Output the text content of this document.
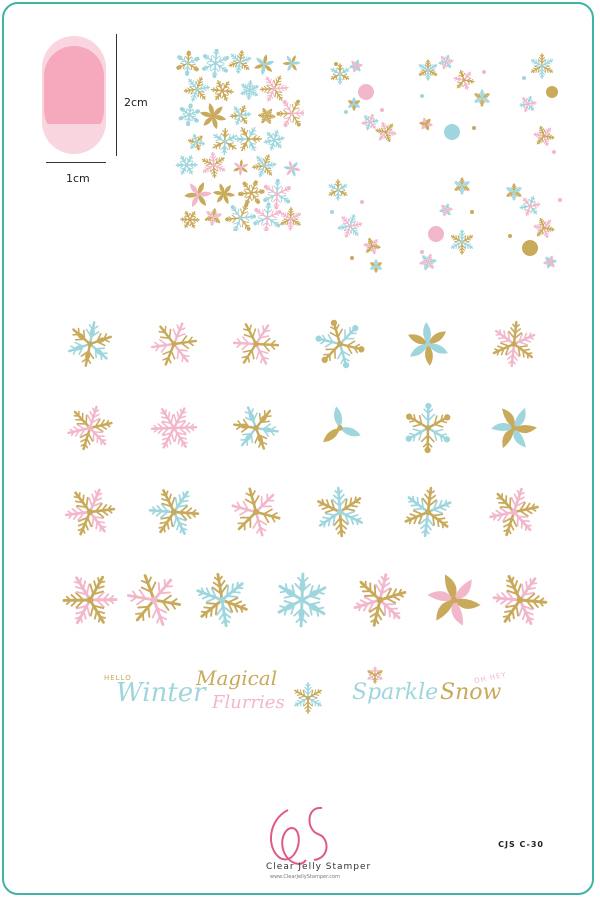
2cm
1cm
HELLO
Winter
Magical
Flurries	Sparkle
OH HEY
Snow
Clear Jelly Stamper
www.ClearJellyStamper.com
CJS C-30
